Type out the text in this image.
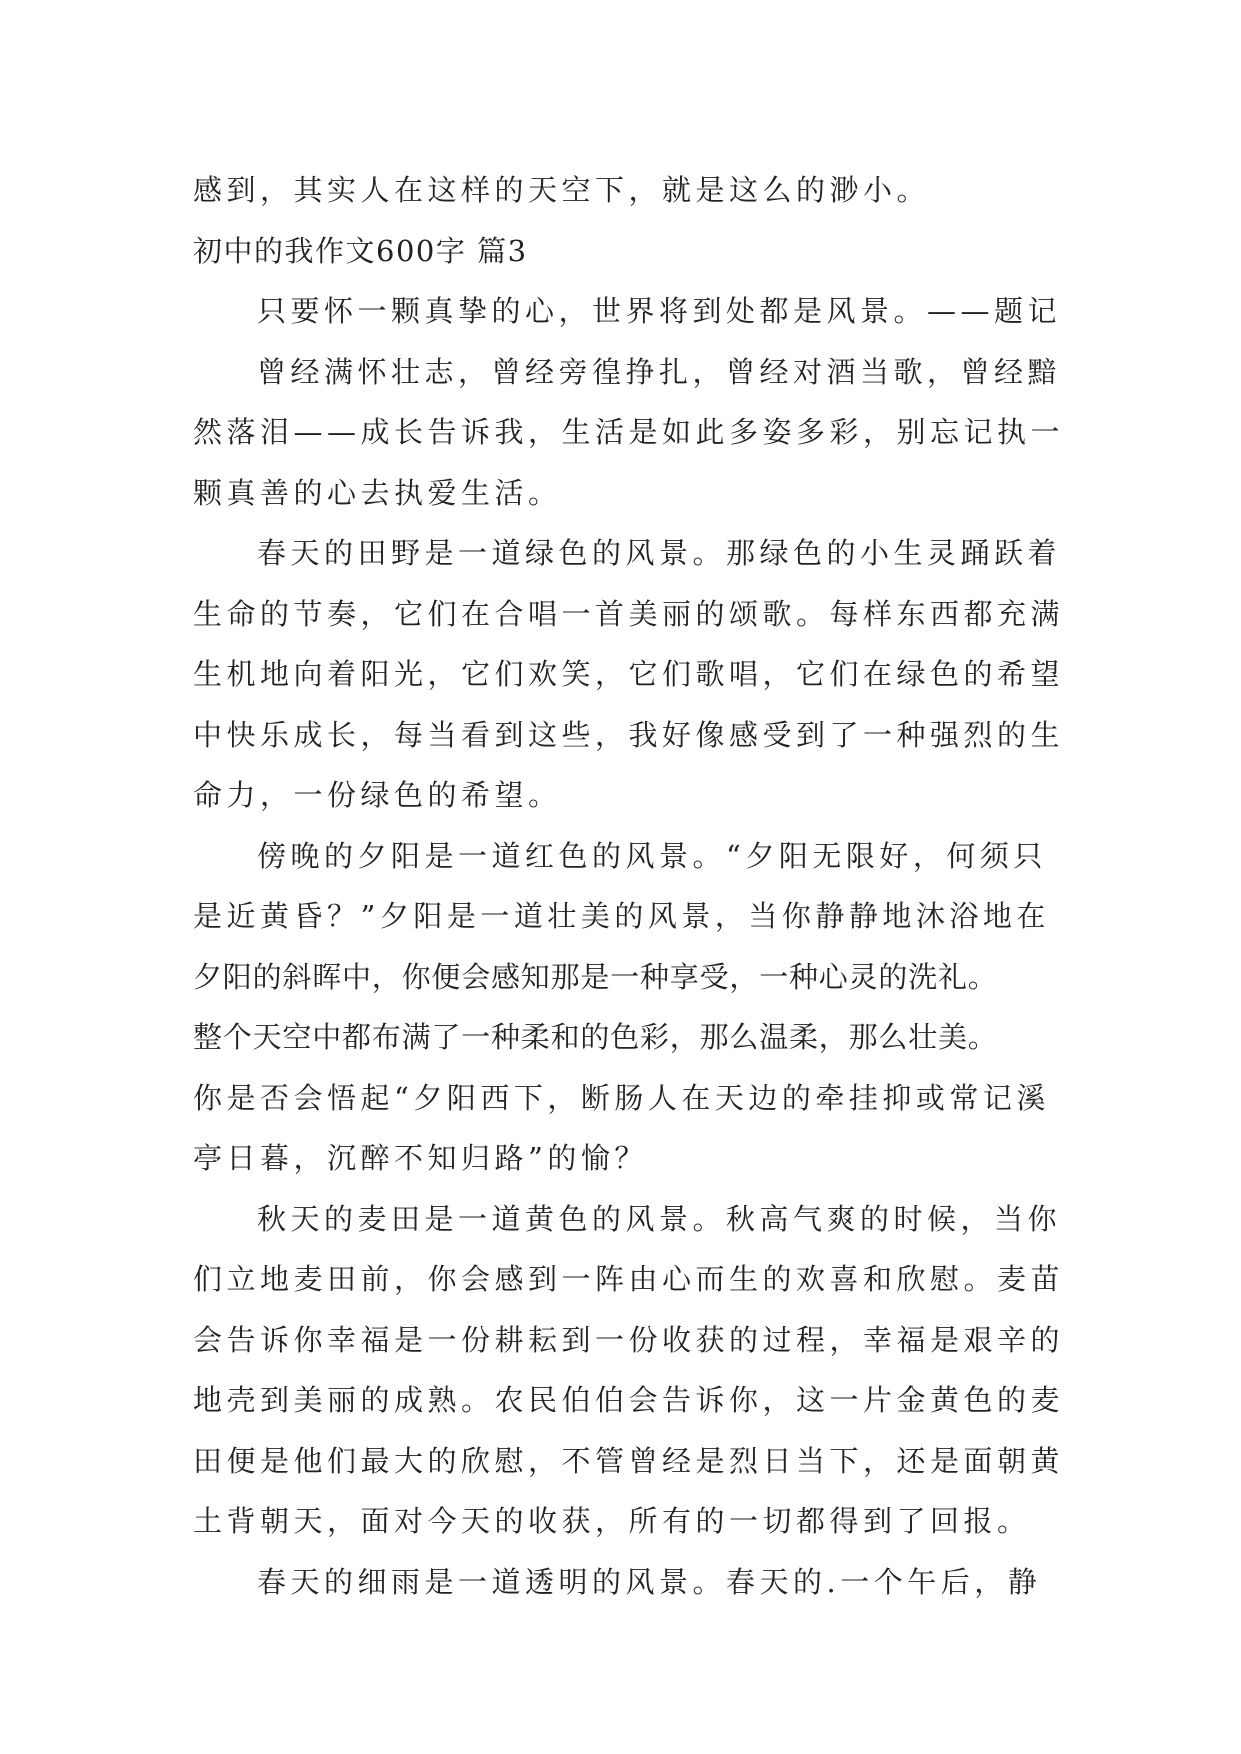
感到，其实人在这样的天空下，就是这么的渺小。
初中的我作文600字 篇3
只要怀一颗真挚的心，世界将到处都是风景。——题记
曾经满怀壮志，曾经旁徨挣扎，曾经对酒当歌，曾经黯
然落泪——成长告诉我，生活是如此多姿多彩，别忘记执一
颗真善的心去执爱生活。
春天的田野是一道绿色的风景。那绿色的小生灵踊跃着
生命的节奏，它们在合唱一首美丽的颂歌。每样东西都充满
生机地向着阳光，它们欢笑，它们歌唱，它们在绿色的希望
中快乐成长，每当看到这些，我好像感受到了一种强烈的生
命力，一份绿色的希望。
傍晚的夕阳是一道红色的风景。“夕阳无限好，何须只
是近黄昏？”夕阳是一道壮美的风景，当你静静地沐浴地在
夕阳的斜晖中，你便会感知那是一种享受，一种心灵的洗礼。
整个天空中都布满了一种柔和的色彩，那么温柔，那么壮美。
你是否会悟起“夕阳西下，断肠人在天边的牵挂抑或常记溪
亭日暮，沉醉不知归路”的愉？
秋天的麦田是一道黄色的风景。秋高气爽的时候，当你
们立地麦田前，你会感到一阵由心而生的欢喜和欣慰。麦苗
会告诉你幸福是一份耕耘到一份收获的过程，幸福是艰辛的
地壳到美丽的成熟。农民伯伯会告诉你，这一片金黄色的麦
田便是他们最大的欣慰，不管曾经是烈日当下，还是面朝黄
土背朝天，面对今天的收获，所有的一切都得到了回报。
春天的细雨是一道透明的风景。春天的.一个午后，静
